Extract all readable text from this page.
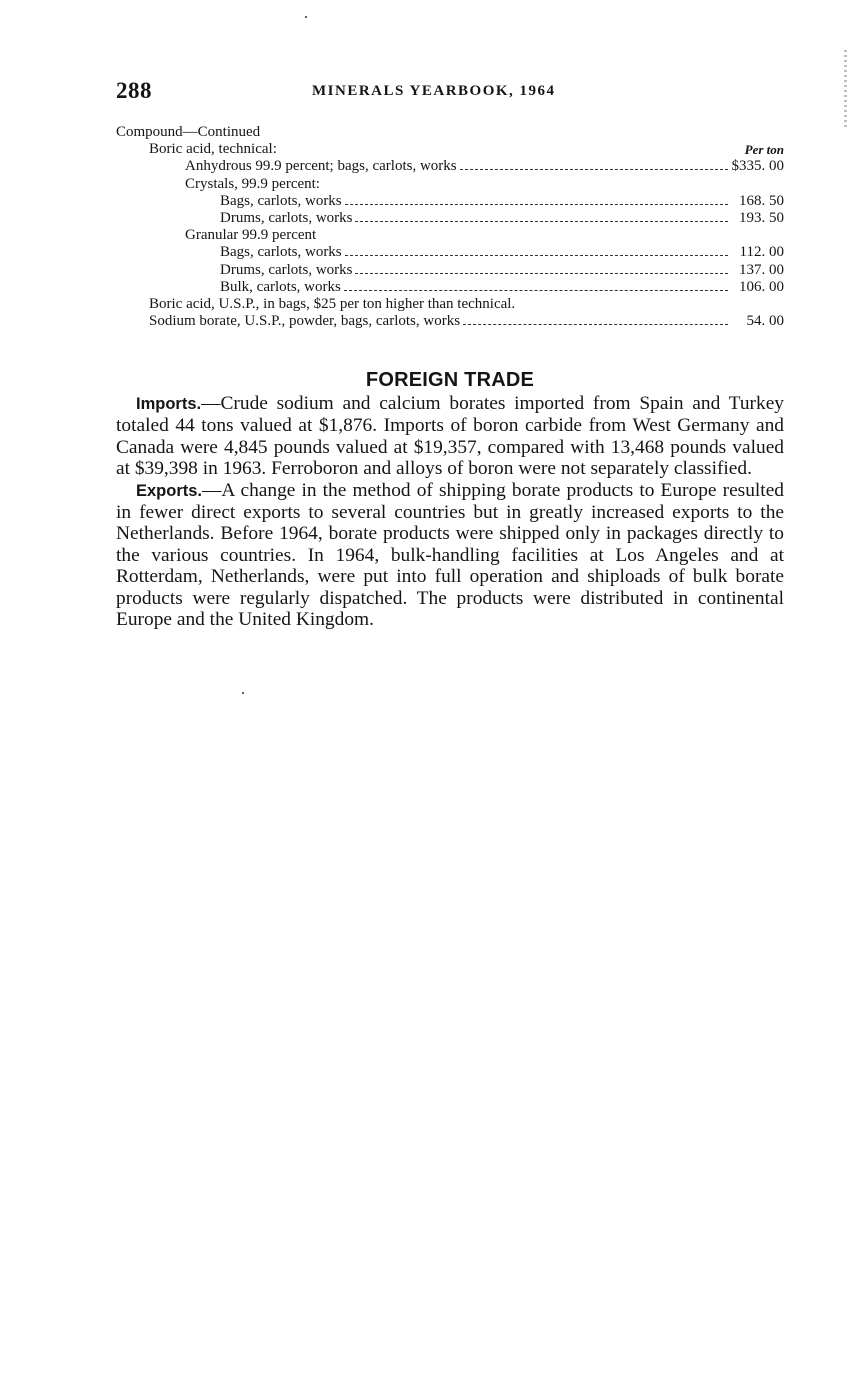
288	MINERALS YEARBOOK, 1964
Compound—Continued
Boric acid, technical:	Per ton
Anhydrous 99.9 percent; bags, carlots, works	$335. 00
Crystals, 99.9 percent:
Bags, carlots, works	168. 50
Drums, carlots, works	193. 50
Granular 99.9 percent
Bags, carlots, works	112. 00
Drums, carlots, works	137. 00
Bulk, carlots, works	106. 00
Boric acid, U.S.P., in bags, $25 per ton higher than technical.
Sodium borate, U.S.P., powder, bags, carlots, works	54. 00
FOREIGN TRADE

Imports.—Crude sodium and calcium borates imported from Spain and Turkey totaled 44 tons valued at $1,876. Imports of boron carbide from West Germany and Canada were 4,845 pounds valued at $19,357, compared with 13,468 pounds valued at $39,398 in 1963. Ferroboron and alloys of boron were not separately classified.

Exports.—A change in the method of shipping borate products to Europe resulted in fewer direct exports to several countries but in greatly increased exports to the Netherlands. Before 1964, borate products were shipped only in packages directly to the various countries. In 1964, bulk-handling facilities at Los Angeles and at Rotterdam, Netherlands, were put into full operation and shiploads of bulk borate products were regularly dispatched. The products were distributed in continental Europe and the United Kingdom.
